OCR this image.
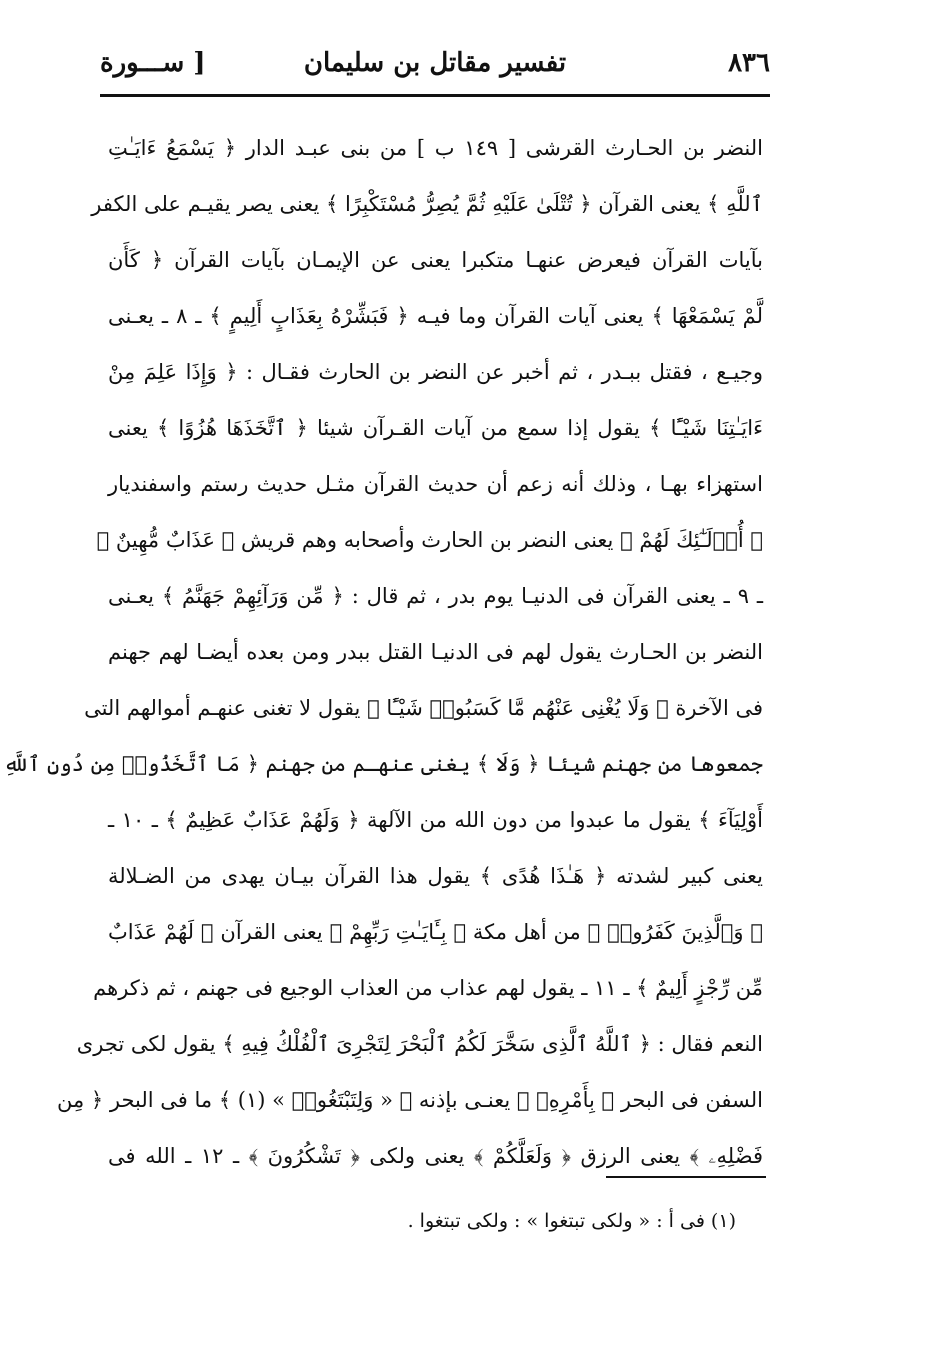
٨٣٦
تفسير مقاتل بن سليمان
[ ســـورة
النضر بن الحـارث القرشى [ ١٤٩ ب ] من بنى عبـد الدار ﴿ يَسْمَعُ ءَايَـٰتِ
ٱللَّهِ ﴾ يعنى القرآن ﴿ تُتْلَىٰ عَلَيْهِ ثُمَّ يُصِرُّ مُسْتَكْبِرًا ﴾ يعنى يصر يقيـم على الكفر
بآيات القرآن فيعرض عنهـا متكبرا يعنى عن الإيمـان بآيات القرآن ﴿ كَأَن
لَّمْ يَسْمَعْهَا ﴾ يعنى آيات القرآن وما فيـه ﴿ فَبَشِّرْهُ بِعَذَابٍ أَلِيمٍ ﴾ ـ ٨ ـ يعـنى
وجيـع ، فقتل ببـدر ، ثم أخبر عن النضر بن الحارث فقـال : ﴿ وَإِذَا عَلِمَ مِنْ
ءَايَـٰتِنَا شَيْـًٔا ﴾ يقول إذا سمع من آيات القـرآن شيئا ﴿ ٱتَّخَذَهَا هُزُوًا ﴾ يعنى
استهزاء بهـا ، وذلك أنه زعم أن حديث القرآن مثـل حديث رستم واسفنديار
﴿ أُو۟لَـٰٓئِكَ لَهُمْ ﴾ يعنى النضر بن الحارث وأصحابه وهم قريش ﴿ عَذَابٌ مُّهِينٌ ﴾
ـ ٩ ـ يعنى القرآن فى الدنيـا يوم بدر ، ثم قال : ﴿ مِّن وَرَآئِهِمْ جَهَنَّمُ ﴾ يعـنى
النضر بن الحـارث يقول لهم فى الدنيـا القتل ببدر ومن بعده أيضـا لهم جهنم
فى الآخرة ﴿ وَلَا يُغْنِى عَنْهُم مَّا كَسَبُوا۟ شَيْـًٔا ﴾ يقول لا تغنى عنهـم أموالهم التى
جمعوها من جهنم شيئا ﴿ وَلَا ﴾ يغنى عنهـم من جهنم ﴿ مَا ٱتَّخَذُوا۟ مِن دُونِ ٱللَّهِ
أَوْلِيَآءَ ﴾ يقول ما عبدوا من دون الله من الآلهة ﴿ وَلَهُمْ عَذَابٌ عَظِيمٌ ﴾ ـ ١٠ ـ
يعنى كبير لشدته ﴿ هَـٰذَا هُدًى ﴾ يقول هذا القرآن بيـان يهدى من الضـلالة
﴿ وَٱلَّذِينَ كَفَرُوا۟ ﴾ من أهل مكة ﴿ بِـَٔايَـٰتِ رَبِّهِمْ ﴾ يعنى القرآن ﴿ لَهُمْ عَذَابٌ
مِّن رِّجْزٍ أَلِيمٌ ﴾ ـ ١١ ـ يقول لهم عذاب من العذاب الوجيع فى جهنم ، ثم ذكرهم
النعم فقال : ﴿ ٱللَّهُ ٱلَّذِى سَخَّرَ لَكُمُ ٱلْبَحْرَ لِتَجْرِىَ ٱلْفُلْكُ فِيهِ ﴾ يقول لكى تجرى
السفن فى البحر ﴿ بِأَمْرِهِۦ ﴾ يعنـى بإذنه ﴿ « وَلِتَبْتَغُوا۟ » (١) ﴾ ما فى البحر ﴿ مِن
فَضْلِهِۦ ﴾ يعنى الرزق ﴿ وَلَعَلَّكُمْ ﴾ يعنى ولكى ﴿ تَشْكُرُونَ ﴾ ـ ١٢ ـ الله فى
(١) فى أ : « ولكى تبتغوا » : ولكى تبتغوا .
